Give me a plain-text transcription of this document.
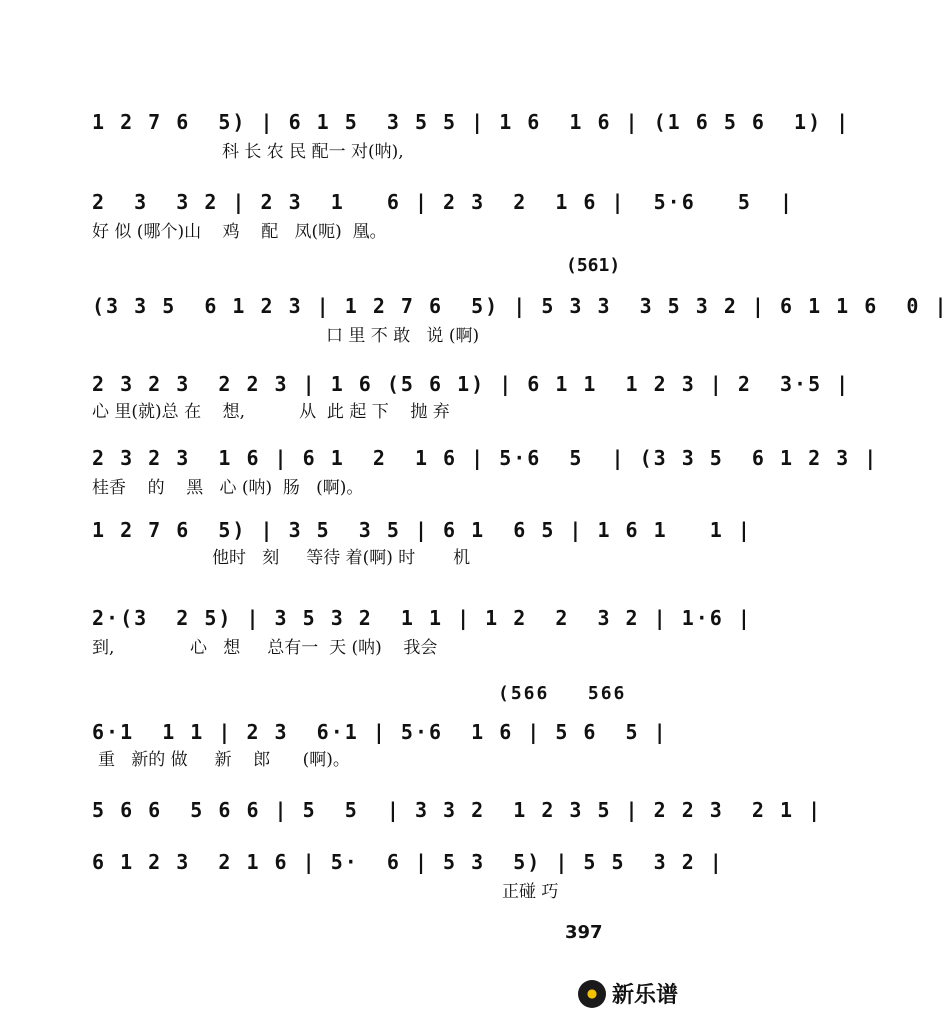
1 2 7 6  5) | 6 1 5  3 5 5 | 1 6  1 6 | (1 6 5 6  1) |
科 长 农 民 配一 对(呐),
2  3  3 2 | 2 3  1   6 | 2 3  2  1 6 |  5·6   5  |
好 似 (哪个)山    鸡    配   凤(呃)  凰。
(561)
(3 3 5  6 1 2 3 | 1 2 7 6  5) | 5 3 3  3 5 3 2 | 6 1 1 6  0 |
口 里 不 敢   说 (啊)
2 3 2 3  2 2 3 | 1 6 (5 6 1) | 6 1 1  1 2 3 | 2  3·5 |
心 里(就)总 在    想,          从  此 起 下    抛 弃
2 3 2 3  1 6 | 6 1  2  1 6 | 5·6  5  | (3 3 5  6 1 2 3 |
桂香    的    黑   心 (呐)  肠   (啊)。
1 2 7 6  5) | 3 5  3 5 | 6 1  6 5 | 1 6 1   1 |
他时   刻     等待 着(啊) 时       机
2·(3  2 5) | 3 5 3 2  1 1 | 1 2  2  3 2 | 1·6 |
到,              心   想     总有一  天 (呐)    我会
(566   566
6·1  1 1 | 2 3  6·1 | 5·6  1 6 | 5 6  5 |
重   新的 做     新    郎      (啊)。
5 6 6  5 6 6 | 5  5  | 3 3 2  1 2 3 5 | 2 2 3  2 1 |
6 1 2 3  2 1 6 | 5·  6 | 5 3  5) | 5 5  3 2 |
正碰 巧
397
新乐谱
